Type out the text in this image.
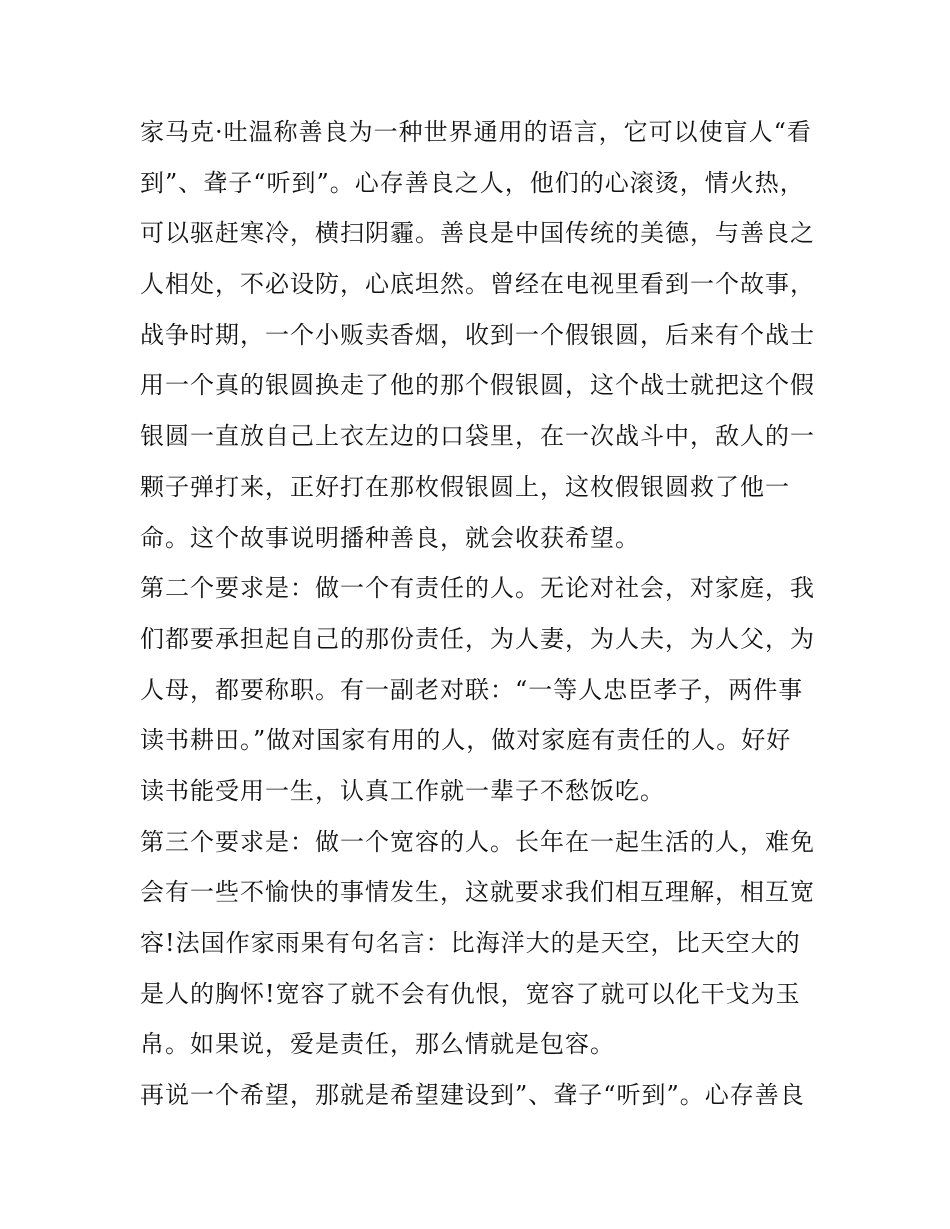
家马克·吐温称善良为一种世界通用的语言，它可以使盲人“看
到”、聋子“听到”。心存善良之人，他们的心滚烫，情火热，
可以驱赶寒冷，横扫阴霾。善良是中国传统的美德，与善良之
人相处，不必设防，心底坦然。曾经在电视里看到一个故事，
战争时期，一个小贩卖香烟，收到一个假银圆，后来有个战士
用一个真的银圆换走了他的那个假银圆，这个战士就把这个假
银圆一直放自己上衣左边的口袋里，在一次战斗中，敌人的一
颗子弹打来，正好打在那枚假银圆上，这枚假银圆救了他一
命。这个故事说明播种善良，就会收获希望。
第二个要求是：做一个有责任的人。无论对社会，对家庭，我
们都要承担起自己的那份责任，为人妻，为人夫，为人父，为
人母，都要称职。有一副老对联：“一等人忠臣孝子，两件事
读书耕田。”做对国家有用的人，做对家庭有责任的人。好好
读书能受用一生，认真工作就一辈子不愁饭吃。
第三个要求是：做一个宽容的人。长年在一起生活的人，难免
会有一些不愉快的事情发生，这就要求我们相互理解，相互宽
容!法国作家雨果有句名言：比海洋大的是天空，比天空大的
是人的胸怀!宽容了就不会有仇恨，宽容了就可以化干戈为玉
帛。如果说，爱是责任，那么情就是包容。
再说一个希望，那就是希望建设到”、聋子“听到”。心存善良
